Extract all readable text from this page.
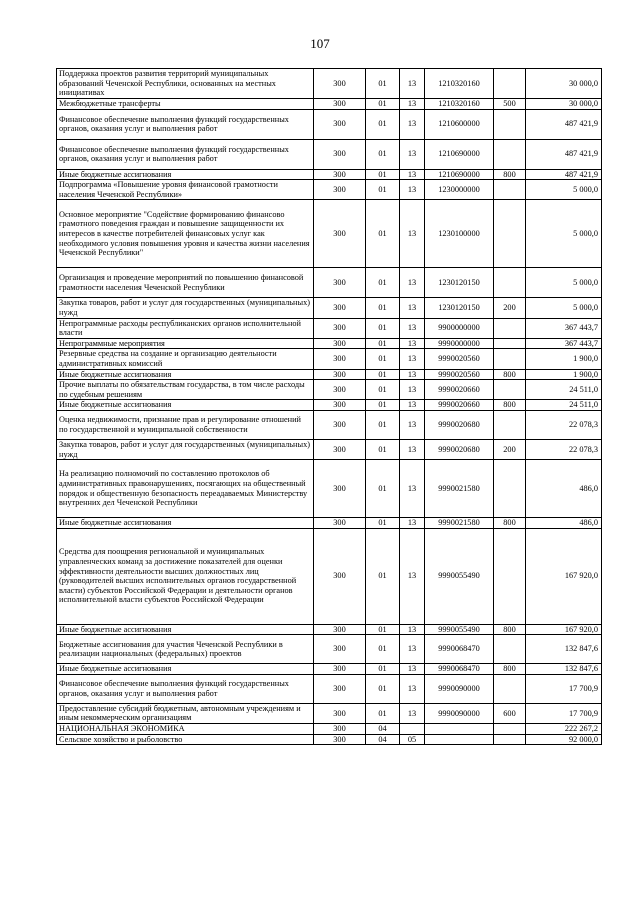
107
Поддержка проектов развития территорий муниципальных образований Чеченской Республики, основанных на местных инициативах	300	01	13	1210320160		30 000,0
Межбюджетные трансферты	300	01	13	1210320160	500	30 000,0
Финансовое обеспечение выполнения функций государственных органов, оказания услуг и выполнения работ	300	01	13	1210600000		487 421,9
Финансовое обеспечение выполнения функций государственных органов, оказания услуг и выполнения работ	300	01	13	1210690000		487 421,9
Иные бюджетные ассигнования	300	01	13	1210690000	800	487 421,9
Подпрограмма «Повышение уровня финансовой грамотности населения Чеченской Республики»	300	01	13	1230000000		5 000,0
Основное мероприятие "Содействие формированию финансово грамотного поведения граждан и повышение защищенности их интересов в качестве потребителей финансовых услуг как необходимого условия повышения уровня и качества жизни населения Чеченской Республики"	300	01	13	1230100000		5 000,0
Организация и проведение мероприятий по повышению финансовой грамотности населения Чеченской Республики	300	01	13	1230120150		5 000,0
Закупка товаров, работ и услуг для государственных (муниципальных) нужд	300	01	13	1230120150	200	5 000,0
Непрограммные расходы республиканских органов исполнительной власти	300	01	13	9900000000		367 443,7
Непрограммные мероприятия	300	01	13	9990000000		367 443,7
Резервные средства на создание и организацию деятельности административных комиссий	300	01	13	9990020560		1 900,0
Иные бюджетные ассигнования	300	01	13	9990020560	800	1 900,0
Прочие выплаты по обязательствам государства, в том числе расходы по судебным решениям	300	01	13	9990020660		24 511,0
Иные бюджетные ассигнования	300	01	13	9990020660	800	24 511,0
Оценка недвижимости, признание прав и регулирование отношений по государственной и муниципальной собственности	300	01	13	9990020680		22 078,3
Закупка товаров, работ и услуг для государственных (муниципальных) нужд	300	01	13	9990020680	200	22 078,3
На реализацию полномочий по составлению протоколов об административных правонарушениях, посягающих на общественный порядок и общественную безопасность переадаваемых Министерству внутренних дел Чеченской Республики	300	01	13	9990021580		486,0
Иные бюджетные ассигнования	300	01	13	9990021580	800	486,0
Средства для поощрения региональной и муниципальных управленческих команд за достижение показателей для оценки эффективности деятельности высших должностных лиц (руководителей высших исполнительных органов государственной власти) субъектов Российской Федерации и деятельности органов исполнительной власти субъектов Российской Федерации	300	01	13	9990055490		167 920,0
Иные бюджетные ассигнования	300	01	13	9990055490	800	167 920,0
Бюджетные ассигнования для участия Чеченской Республики в реализации национальных (федеральных) проектов	300	01	13	9990068470		132 847,6
Иные бюджетные ассигнования	300	01	13	9990068470	800	132 847,6
Финансовое обеспечение выполнения функций государственных органов, оказания услуг и выполнения работ	300	01	13	9990090000		17 700,9
Предоставление субсидий бюджетным, автономным учреждениям и иным некоммерческим организациям	300	01	13	9990090000	600	17 700,9
НАЦИОНАЛЬНАЯ ЭКОНОМИКА	300	04				222 267,2
Сельское хозяйство и рыболовство	300	04	05			92 000,0
